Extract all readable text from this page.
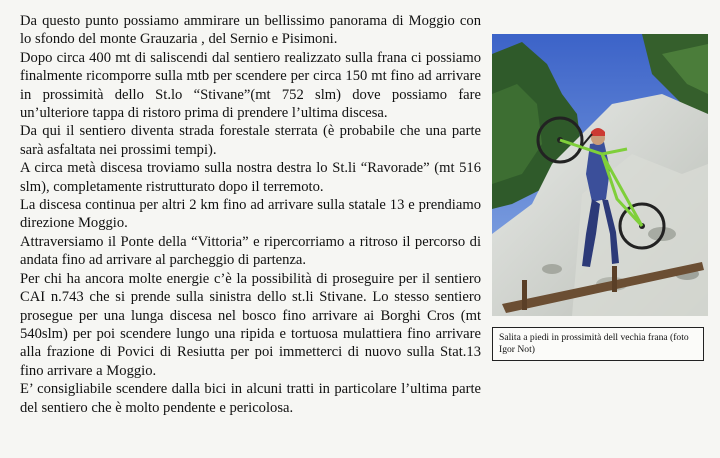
Da questo punto possiamo ammirare un bellissimo panorama di Moggio con lo sfondo del monte Grauzaria , del Sernio e Pisimoni.

Dopo circa 400 mt di saliscendi dal sentiero realizzato sulla frana ci possiamo finalmente ricomporre sulla mtb per scendere per circa 150 mt fino ad arrivare in prossimità dello St.lo “Stivane”(mt 752 slm) dove possiamo fare un’ulteriore tappa di ristoro prima di prendere l’ultima discesa.

Da qui il sentiero diventa strada forestale sterrata (è probabile che una parte sarà asfaltata nei prossimi tempi).

A circa metà discesa troviamo sulla nostra destra lo St.li “Ravorade” (mt 516 slm), completamente ristrutturato dopo il terremoto.

La discesa continua per altri 2 km fino ad arrivare sulla statale 13 e prendiamo direzione Moggio.

Attraversiamo il Ponte della “Vittoria” e ripercorriamo a ritroso il percorso di andata fino ad arrivare al parcheggio di partenza.

Per chi ha ancora molte energie c’è la possibilità di proseguire per il sentiero CAI n.743 che si prende sulla sinistra dello st.li Stivane. Lo stesso sentiero prosegue per una lunga discesa nel bosco fino arrivare ai Borghi Cros (mt 540slm) per poi scendere lungo una ripida e tortuosa mulattiera fino arrivare alla frazione di Povici di Resiutta per poi immetterci di nuovo sulla Stat.13 fino arrivare a Moggio.

E’ consigliabile scendere dalla bici in alcuni tratti in particolare l’ultima parte del sentiero che è molto pendente e pericolosa.

Salita a piedi in prossimità dell vechia frana (foto Igor Not)
